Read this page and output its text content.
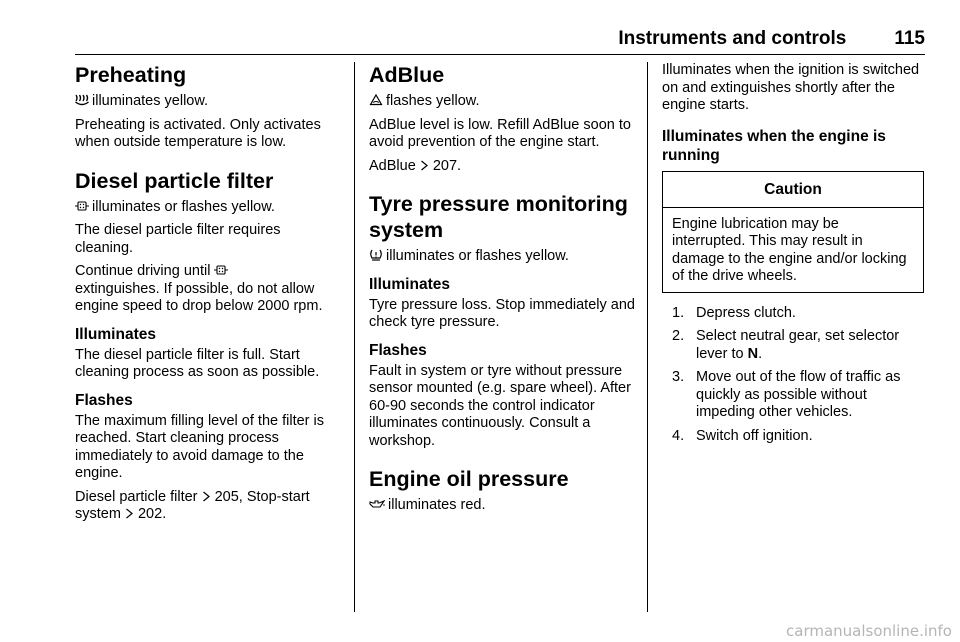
Instruments and controls	115
Preheating

illuminates yellow.

Preheating is activated. Only activates when outside temperature is low.

Diesel particle filter

illuminates or flashes yellow.

The diesel particle filter requires cleaning.

Continue driving until
extinguishes. If possible, do not allow engine speed to drop below 2000 rpm.

Illuminates

The diesel particle filter is full. Start cleaning process as soon as possible.

Flashes

The maximum filling level of the filter is reached. Start cleaning process immediately to avoid damage to the engine.

Diesel particle filter 205, Stop-start system 202.

AdBlue

flashes yellow.

AdBlue level is low. Refill AdBlue soon to avoid prevention of the engine start.

AdBlue 207.

Tyre pressure monitoring system

illuminates or flashes yellow.

Illuminates

Tyre pressure loss. Stop immediately and check tyre pressure.

Flashes

Fault in system or tyre without pressure sensor mounted (e.g. spare wheel). After 60-90 seconds the control indicator illuminates continuously. Consult a workshop.

Engine oil pressure

illuminates red.

Illuminates when the ignition is switched on and extinguishes shortly after the engine starts.

Illuminates when the engine is running
Caution

Engine lubrication may be interrupted. This may result in damage to the engine and/or locking of the drive wheels.

1. Depress clutch.
2. Select neutral gear, set selector lever to N.
3. Move out of the flow of traffic as quickly as possible without impeding other vehicles.
4. Switch off ignition.
carmanualsonline.info
